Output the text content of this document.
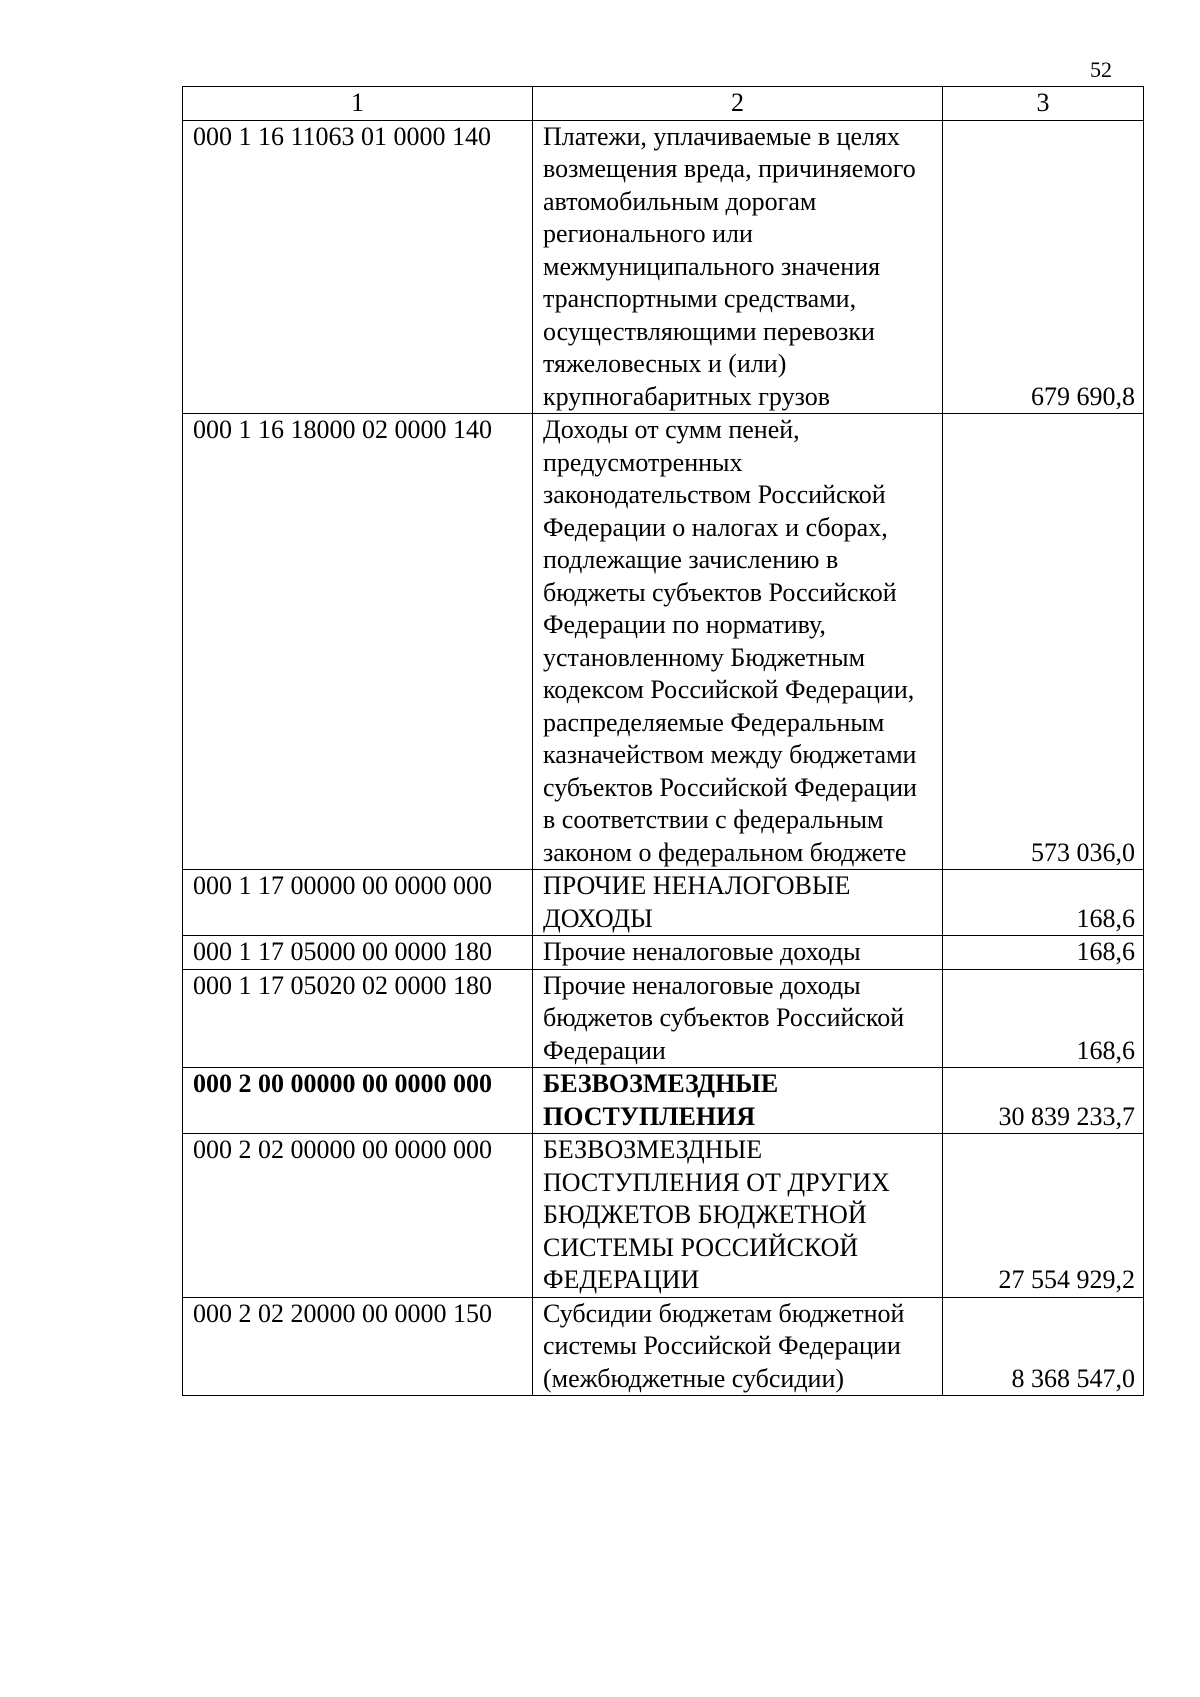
52
1	2	3
000 1 16 11063 01 0000 140	Платежи, уплачиваемые в целях возмещения вреда, причиняемого автомобильным дорогам регионального или межмуниципального значения транспортными средствами, осуществляющими перевозки тяжеловесных и (или) крупногабаритных грузов	679 690,8
000 1 16 18000 02 0000 140	Доходы от сумм пеней, предусмотренных законодательством Российской Федерации о налогах и сборах, подлежащие зачислению в бюджеты субъектов Российской Федерации по нормативу, установленному Бюджетным кодексом Российской Федерации, распределяемые Федеральным казначейством между бюджетами субъектов Российской Федерации в соответствии с федеральным законом о федеральном бюджете	573 036,0
000 1 17 00000 00 0000 000	ПРОЧИЕ НЕНАЛОГОВЫЕ ДОХОДЫ	168,6
000 1 17 05000 00 0000 180	Прочие неналоговые доходы	168,6
000 1 17 05020 02 0000 180	Прочие неналоговые доходы бюджетов субъектов Российской Федерации	168,6
000 2 00 00000 00 0000 000	БЕЗВОЗМЕЗДНЫЕ ПОСТУПЛЕНИЯ	30 839 233,7
000 2 02 00000 00 0000 000	БЕЗВОЗМЕЗДНЫЕ ПОСТУПЛЕНИЯ ОТ ДРУГИХ БЮДЖЕТОВ БЮДЖЕТНОЙ СИСТЕМЫ РОССИЙСКОЙ ФЕДЕРАЦИИ	27 554 929,2
000 2 02 20000 00 0000 150	Субсидии бюджетам бюджетной системы Российской Федерации (межбюджетные субсидии)	8 368 547,0
